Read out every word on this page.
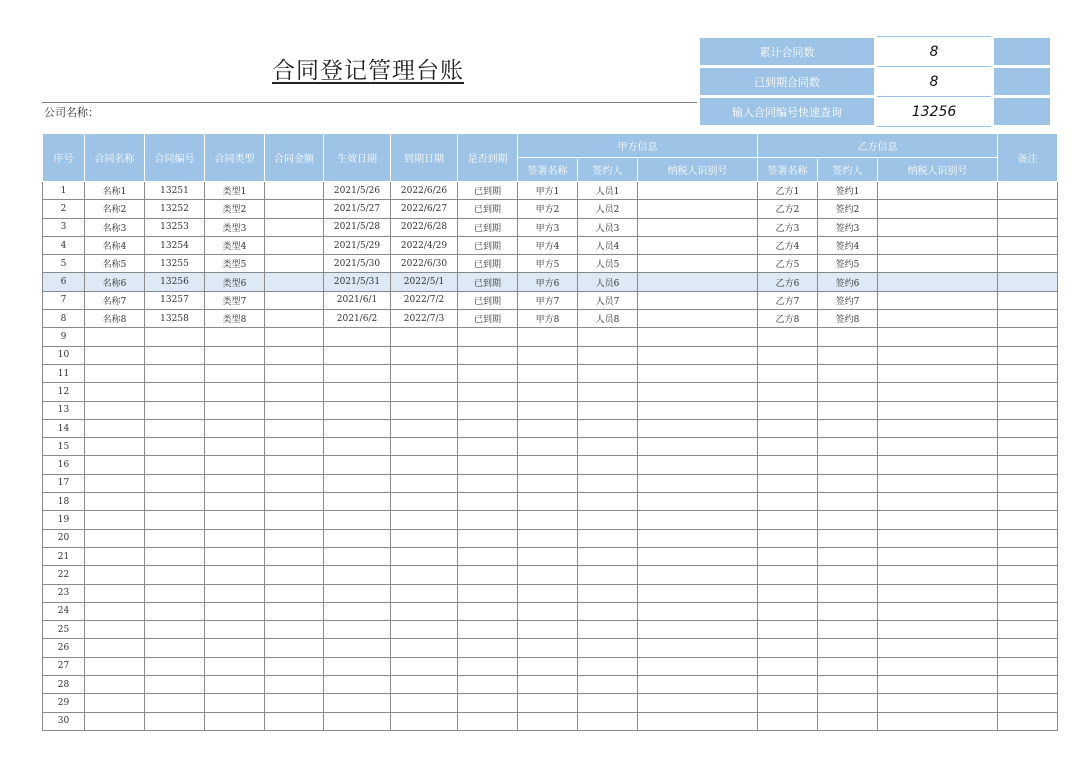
合同登记管理台账
公司名称：
累计合同数	8	
已到期合同数	8	
输入合同编号快速查询	13256	
序号	合同名称	合同编号	合同类型	合同金额	生效日期	到期日期	是否到期	甲方信息			乙方信息			备注
								签署名称	签约人	纳税人识别号	签署名称	签约人	纳税人识别号	
1	名称1	13251	类型1		2021/5/26	2022/6/26	已到期	甲方1	人员1		乙方1	签约1		
2	名称2	13252	类型2		2021/5/27	2022/6/27	已到期	甲方2	人员2		乙方2	签约2		
3	名称3	13253	类型3		2021/5/28	2022/6/28	已到期	甲方3	人员3		乙方3	签约3		
4	名称4	13254	类型4		2021/5/29	2022/4/29	已到期	甲方4	人员4		乙方4	签约4		
5	名称5	13255	类型5		2021/5/30	2022/6/30	已到期	甲方5	人员5		乙方5	签约5		
6	名称6	13256	类型6		2021/5/31	2022/5/1	已到期	甲方6	人员6		乙方6	签约6		
7	名称7	13257	类型7		2021/6/1	2022/7/2	已到期	甲方7	人员7		乙方7	签约7		
8	名称8	13258	类型8		2021/6/2	2022/7/3	已到期	甲方8	人员8		乙方8	签约8		
9														
10														
11														
12														
13														
14														
15														
16														
17														
18														
19														
20														
21														
22														
23														
24														
25														
26														
27														
28														
29														
30														
